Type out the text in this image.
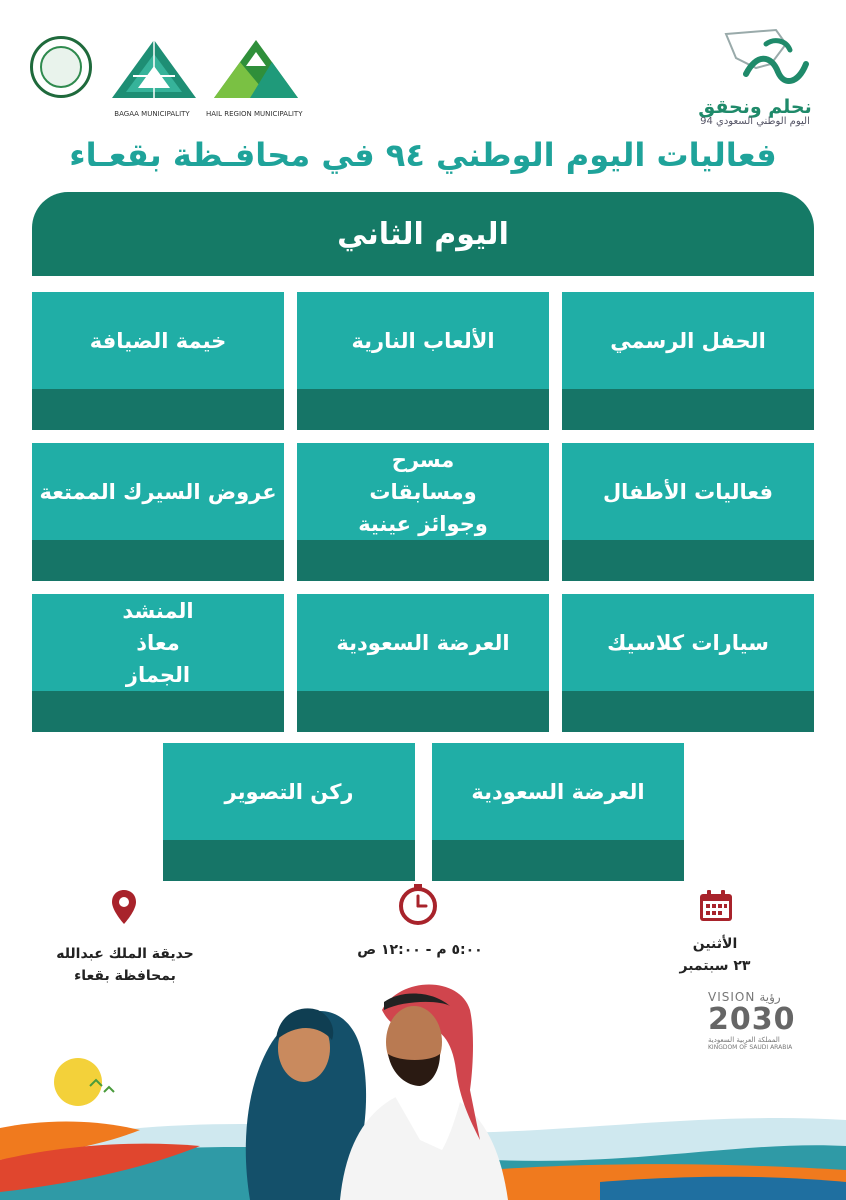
BAGAA MUNICIPALITY	HAIL REGION MUNICIPALITY	نحلم ونحقق
اليوم الوطني السعودي 94
فعاليات اليوم الوطني ٩٤ في محافـظة بقعـاء
اليوم الثاني
الحفل الرسمي
الألعاب النارية
خيمة الضيافة
فعاليات الأطفال
مسرح ومسابقات وجوائز عينية
عروض السيرك الممتعة
سيارات كلاسيك
العرضة السعودية
المنشد معاذ الجماز
العرضة السعودية
ركن التصوير
الأثنين
٢٣ سبتمبر
٥:٠٠ م - ١٢:٠٠ ص
حديقة الملك عبدالله
بمحافظة بقعاء
VISION رؤية
2030
المملكة العربية السعودية
KINGDOM OF SAUDI ARABIA
